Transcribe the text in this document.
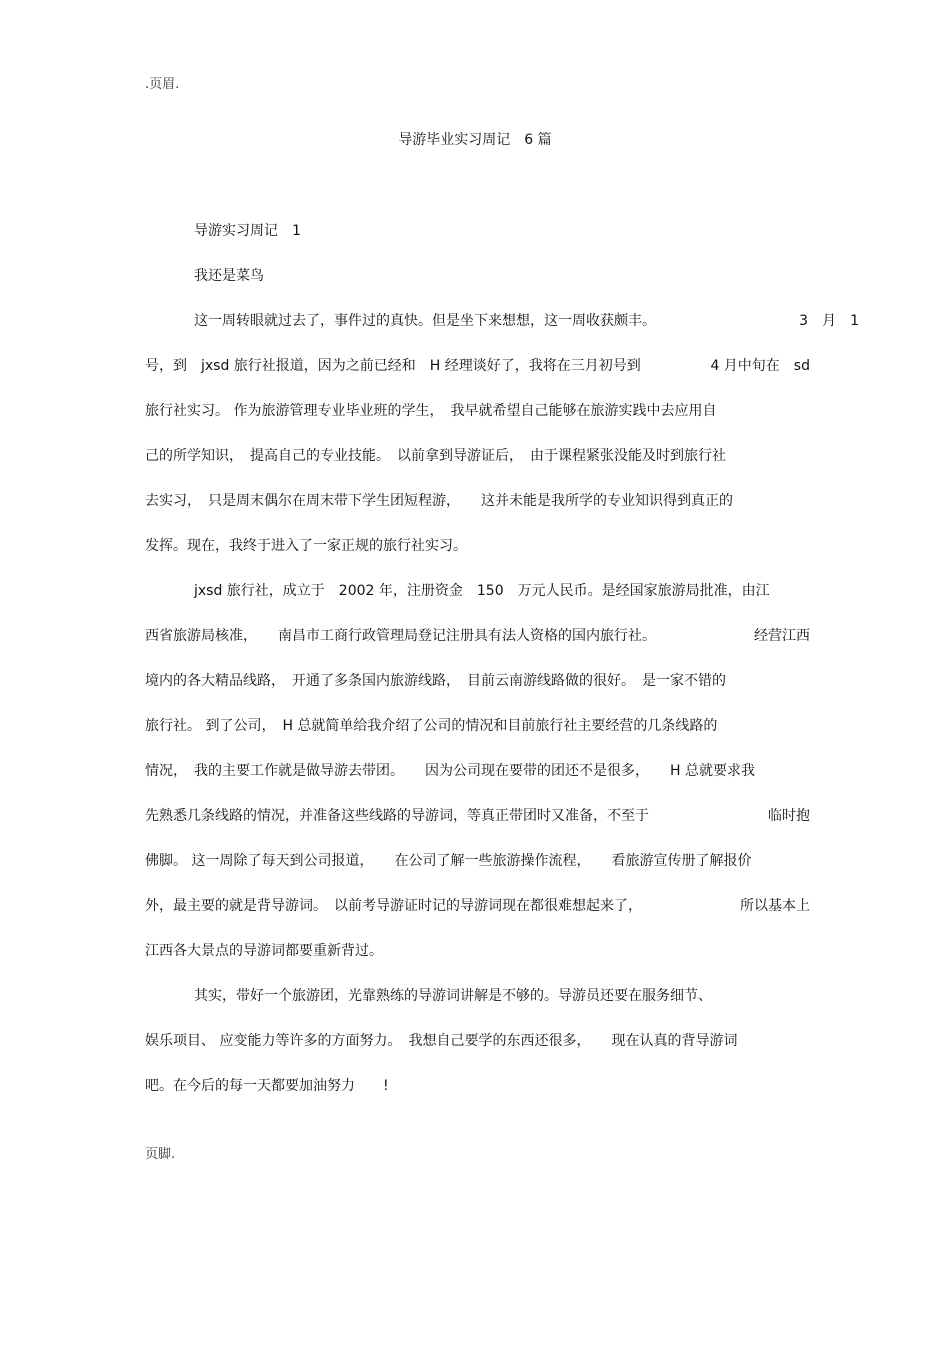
.页眉.
导游毕业实习周记　6 篇
导游实习周记　1
我还是菜鸟
这一周转眼就过去了，事件过的真快。但是坐下来想想，这一周收获颇丰。	3　月　1
号，到　jxsd 旅行社报道，因为之前已经和　H 经理谈好了，我将在三月初号到	4 月中旬在　sd
旅行社实习。 作为旅游管理专业毕业班的学生，　我早就希望自己能够在旅游实践中去应用自
己的所学知识，　提高自己的专业技能。　以前拿到导游证后，　由于课程紧张没能及时到旅行社
去实习，　只是周末偶尔在周末带下学生团短程游，　　这并未能是我所学的专业知识得到真正的
发挥。现在，我终于进入了一家正规的旅行社实习。
jxsd 旅行社，成立于　2002 年，注册资金　150　万元人民币。是经国家旅游局批准，由江
西省旅游局核准，　　南昌市工商行政管理局登记注册具有法人资格的国内旅行社。	经营江西
境内的各大精品线路，　开通了多条国内旅游线路，　目前云南游线路做的很好。　是一家不错的
旅行社。 到了公司，　H 总就简单给我介绍了公司的情况和目前旅行社主要经营的几条线路的
情况，　我的主要工作就是做导游去带团。　　因为公司现在要带的团还不是很多，　　H 总就要求我
先熟悉几条线路的情况，并准备这些线路的导游词，等真正带团时又准备，不至于	临时抱
佛脚。 这一周除了每天到公司报道，　　在公司了解一些旅游操作流程，　　看旅游宣传册了解报价
外，最主要的就是背导游词。　以前考导游证时记的导游词现在都很难想起来了，	所以基本上
江西各大景点的导游词都要重新背过。
其实，带好一个旅游团，光靠熟练的导游词讲解是不够的。导游员还要在服务细节、
娱乐项目、 应变能力等许多的方面努力。　我想自己要学的东西还很多，　　现在认真的背导游词
吧。在今后的每一天都要加油努力　　!
页脚.
